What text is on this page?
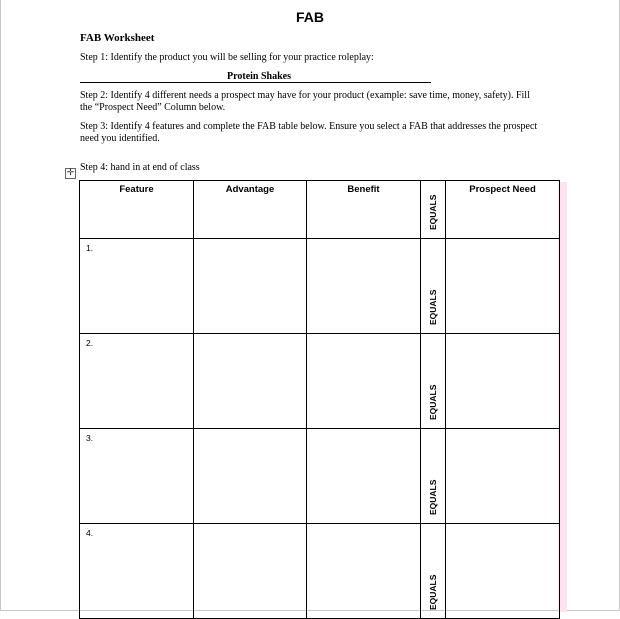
FAB
FAB Worksheet
Step 1: Identify the product you will be selling for your practice roleplay:
Protein Shakes
Step 2: Identify 4 different needs a prospect may have for your product (example: save time, money, safety). Fill the “Prospect Need” Column below.
Step 3: Identify 4 features and complete the FAB table below. Ensure you select a FAB that addresses the prospect need you identified.
Step 4: hand in at end of class
✛
Feature	Advantage	Benefit	EQUALS	Prospect Need
1.			EQUALS	

2.			EQUALS	

3.			EQUALS	

4.			EQUALS	
